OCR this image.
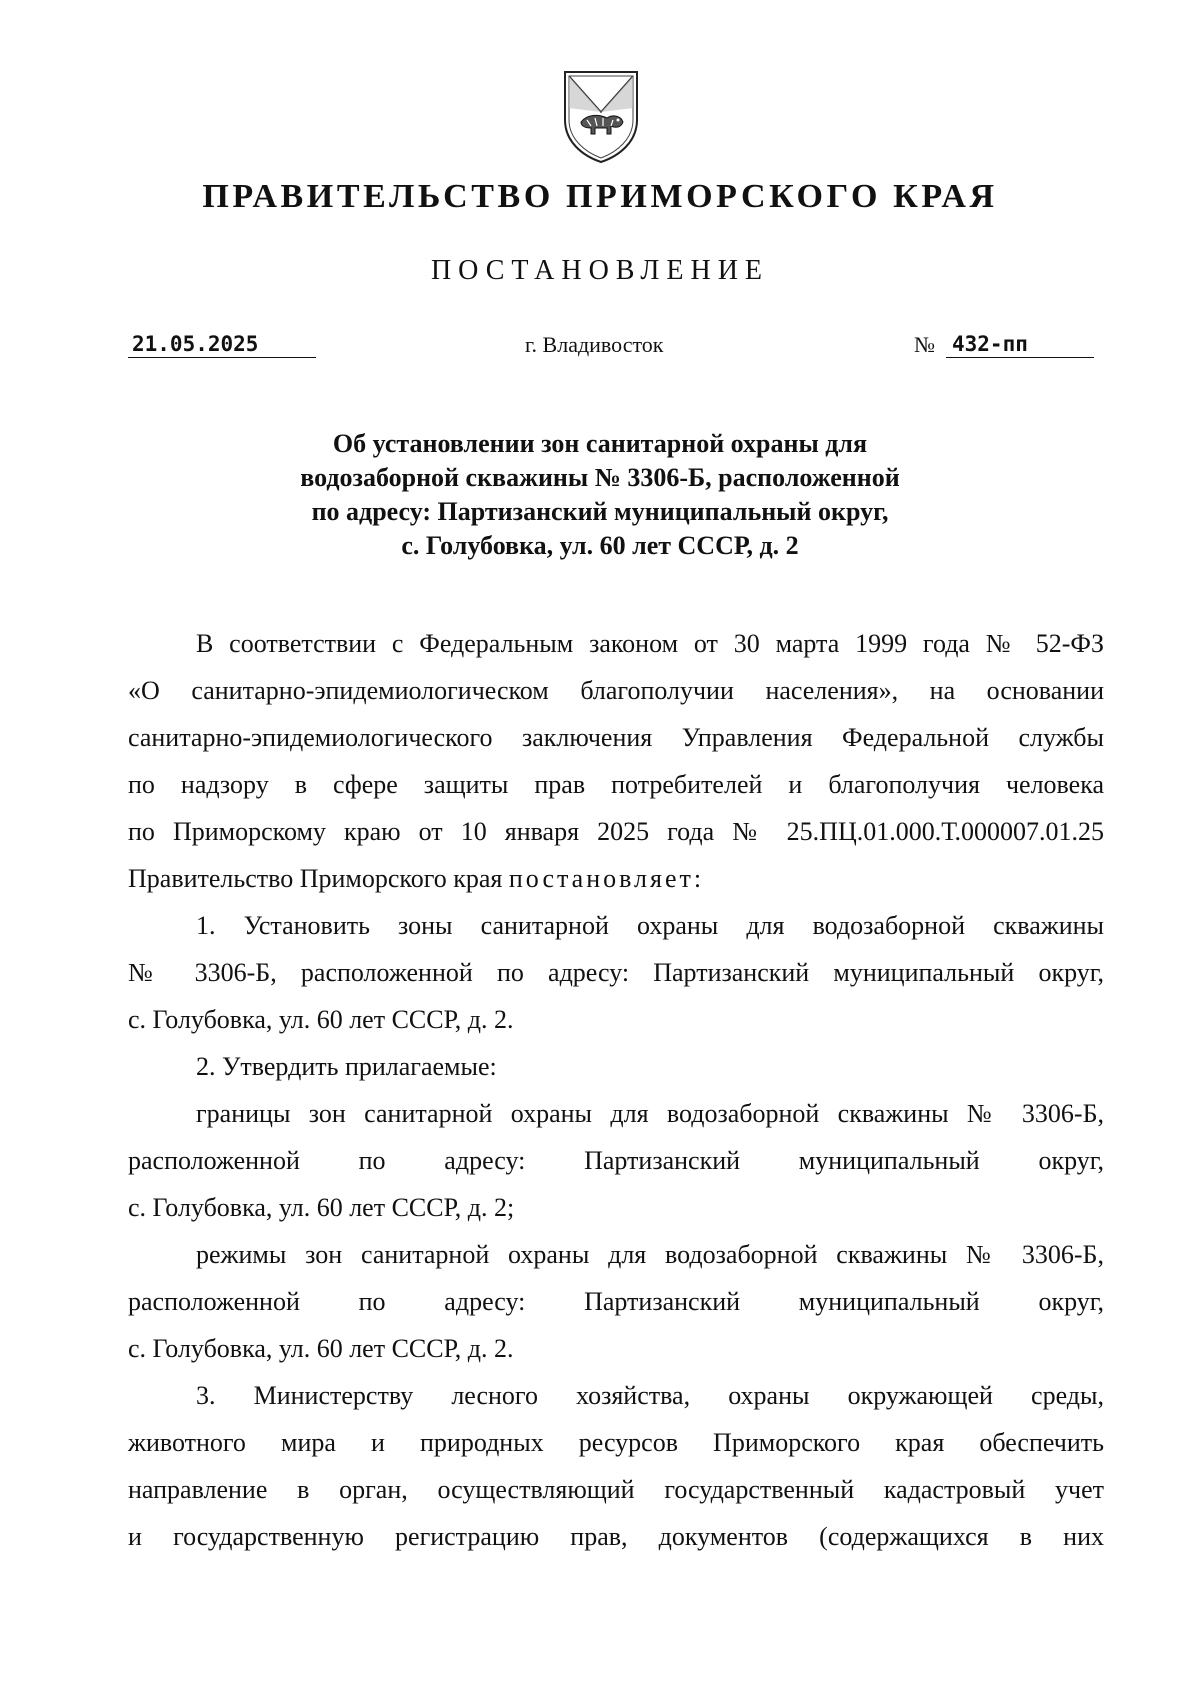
ПРАВИТЕЛЬСТВО ПРИМОРСКОГО КРАЯ
ПОСТАНОВЛЕНИЕ
21.05.2025	г. Владивосток	№ 432-пп
Об установлении зон санитарной охраны для
водозаборной скважины № 3306-Б, расположенной
по адресу: Партизанский муниципальный округ,
с. Голубовка, ул. 60 лет СССР, д. 2
В соответствии с Федеральным законом от 30 марта 1999 года № 52-ФЗ
«О санитарно-эпидемиологическом благополучии населения», на основании
санитарно-эпидемиологического заключения Управления Федеральной службы
по надзору в сфере защиты прав потребителей и благополучия человека
по Приморскому краю от 10 января 2025 года № 25.ПЦ.01.000.Т.000007.01.25
Правительство Приморского края постановляет:
1. Установить зоны санитарной охраны для водозаборной скважины
№ 3306-Б, расположенной по адресу: Партизанский муниципальный округ,
с. Голубовка, ул. 60 лет СССР, д. 2.
2. Утвердить прилагаемые:
границы зон санитарной охраны для водозаборной скважины № 3306-Б,
расположенной по адресу: Партизанский муниципальный округ,
с. Голубовка, ул. 60 лет СССР, д. 2;
режимы зон санитарной охраны для водозаборной скважины № 3306-Б,
расположенной по адресу: Партизанский муниципальный округ,
с. Голубовка, ул. 60 лет СССР, д. 2.
3. Министерству лесного хозяйства, охраны окружающей среды,
животного мира и природных ресурсов Приморского края обеспечить
направление в орган, осуществляющий государственный кадастровый учет
и государственную регистрацию прав, документов (содержащихся в них
